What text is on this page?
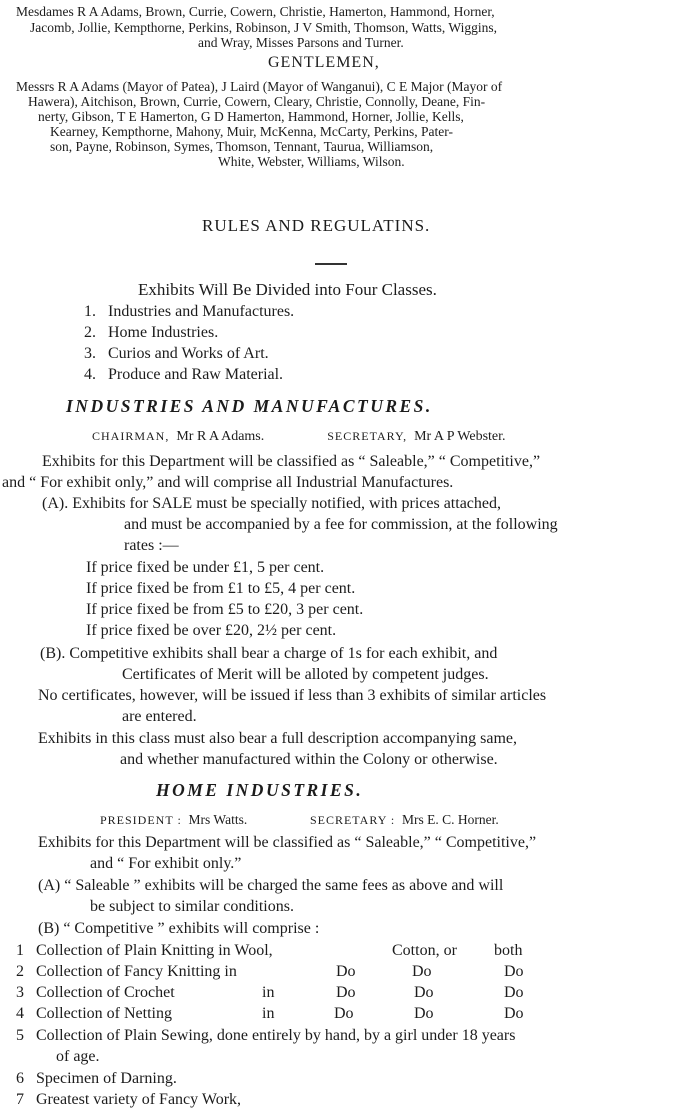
Mesdames R A Adams, Brown, Currie, Cowern, Christie, Hamerton, Hammond, Horner,
Jacomb, Jollie, Kempthorne, Perkins, Robinson, J V Smith, Thomson, Watts, Wiggins,
and Wray, Misses Parsons and Turner.
GENTLEMEN,
Messrs R A Adams (Mayor of Patea), J Laird (Mayor of Wanganui), C E Major (Mayor of
Hawera), Aitchison, Brown, Currie, Cowern, Cleary, Christie, Connolly, Deane, Fin-
nerty, Gibson, T E Hamerton, G D Hamerton, Hammond, Horner, Jollie, Kells,
Kearney, Kempthorne, Mahony, Muir, McKenna, McCarty, Perkins, Pater-
son, Payne, Robinson, Symes, Thomson, Tennant, Taurua, Williamson,
White, Webster, Williams, Wilson.
RULES AND REGULATINS.
Exhibits Will Be Divided into Four Classes.
1. Industries and Manufactures.
2. Home Industries.
3. Curios and Works of Art.
4. Produce and Raw Material.
INDUSTRIES AND MANUFACTURES.
CHAIRMAN, Mr R A Adams.	SECRETARY, Mr A P Webster.
Exhibits for this Department will be classified as “ Saleable,” “ Competitive,”
and “ For exhibit only,” and will comprise all Industrial Manufactures.
(A). Exhibits for SALE must be specially notified, with prices attached,
and must be accompanied by a fee for commission, at the following
rates :—
If price fixed be under £1, 5 per cent.
If price fixed be from £1 to £5, 4 per cent.
If price fixed be from £5 to £20, 3 per cent.
If price fixed be over £20, 2½ per cent.
(B). Competitive exhibits shall bear a charge of 1s for each exhibit, and
Certificates of Merit will be alloted by competent judges.
No certificates, however, will be issued if less than 3 exhibits of similar articles
are entered.
Exhibits in this class must also bear a full description accompanying same,
and whether manufactured within the Colony or otherwise.
HOME INDUSTRIES.
PRESIDENT : Mrs Watts.	SECRETARY : Mrs E. C. Horner.
Exhibits for this Department will be classified as “ Saleable,” “ Competitive,”
and “ For exhibit only.”
(A) “ Saleable ” exhibits will be charged the same fees as above and will
be subject to similar conditions.
(B) “ Competitive ” exhibits will comprise :
1 Collection of Plain Knitting in Wool,	Cotton, or both
2 Collection of Fancy Knitting in	Do	Do	Do
3 Collection of Crochet	in	Do	Do	Do
4 Collection of Netting	in	Do	Do	Do
5 Collection of Plain Sewing, done entirely by hand, by a girl under 18 years
of age.
6 Specimen of Darning.
7 Greatest variety of Fancy Work,
